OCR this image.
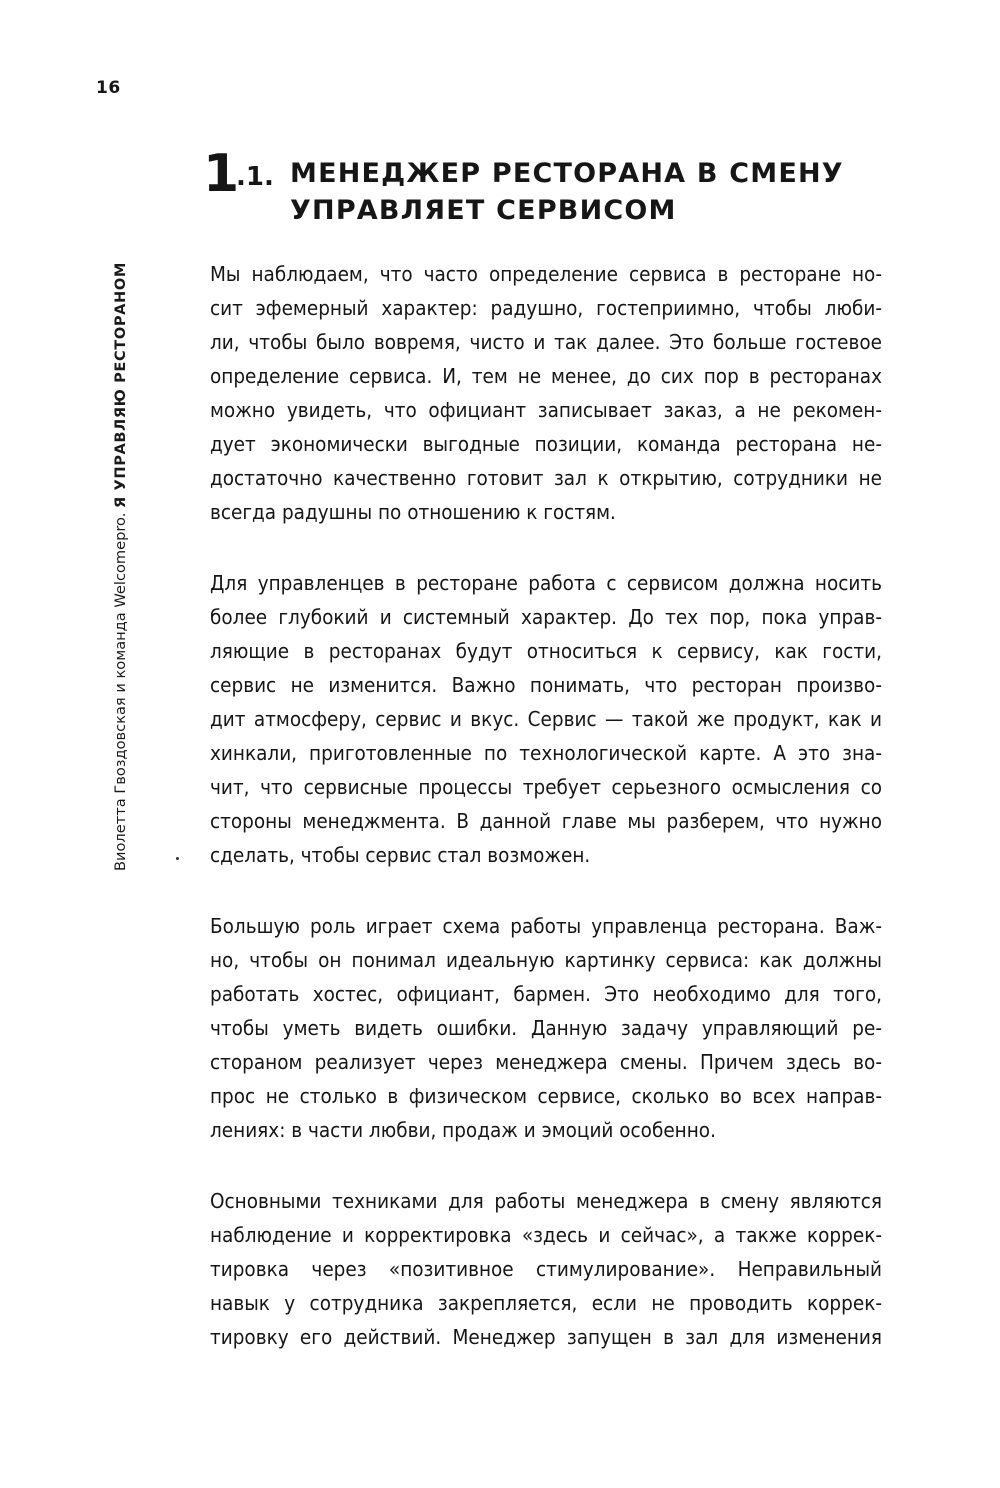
16
Виолетта Гвоздовская и команда Welcomepro. Я УПРАВЛЯЮ РЕСТОРАНОМ
1
.1. МЕНЕДЖЕР РЕСТОРАНА В СМЕНУ
УПРАВЛЯЕТ СЕРВИСОМ
Мы наблюдаем, что часто определение сервиса в ресторане но-
сит эфемерный характер: радушно, гостеприимно, чтобы люби-
ли, чтобы было вовремя, чисто и так далее. Это больше гостевое
определение сервиса. И, тем не менее, до сих пор в ресторанах
можно увидеть, что официант записывает заказ, а не рекомен-
дует экономически выгодные позиции, команда ресторана не-
достаточно качественно готовит зал к открытию, сотрудники не
всегда радушны по отношению к гостям.
Для управленцев в ресторане работа с сервисом должна носить
более глубокий и системный характер. До тех пор, пока управ-
ляющие в ресторанах будут относиться к сервису, как гости,
сервис не изменится. Важно понимать, что ресторан произво-
дит атмосферу, сервис и вкус. Сервис — такой же продукт, как и
хинкали, приготовленные по технологической карте. А это зна-
чит, что сервисные процессы требует серьезного осмысления со
стороны менеджмента. В данной главе мы разберем, что нужно
сделать, чтобы сервис стал возможен.
Большую роль играет схема работы управленца ресторана. Важ-
но, чтобы он понимал идеальную картинку сервиса: как должны
работать хостес, официант, бармен. Это необходимо для того,
чтобы уметь видеть ошибки. Данную задачу управляющий ре-
стораном реализует через менеджера смены. Причем здесь во-
прос не столько в физическом сервисе, сколько во всех направ-
лениях: в части любви, продаж и эмоций особенно.
Основными техниками для работы менеджера в смену являются
наблюдение и корректировка «здесь и сейчас», а также коррек-
тировка через «позитивное стимулирование». Неправильный
навык у сотрудника закрепляется, если не проводить коррек-
тировку его действий. Менеджер запущен в зал для изменения
